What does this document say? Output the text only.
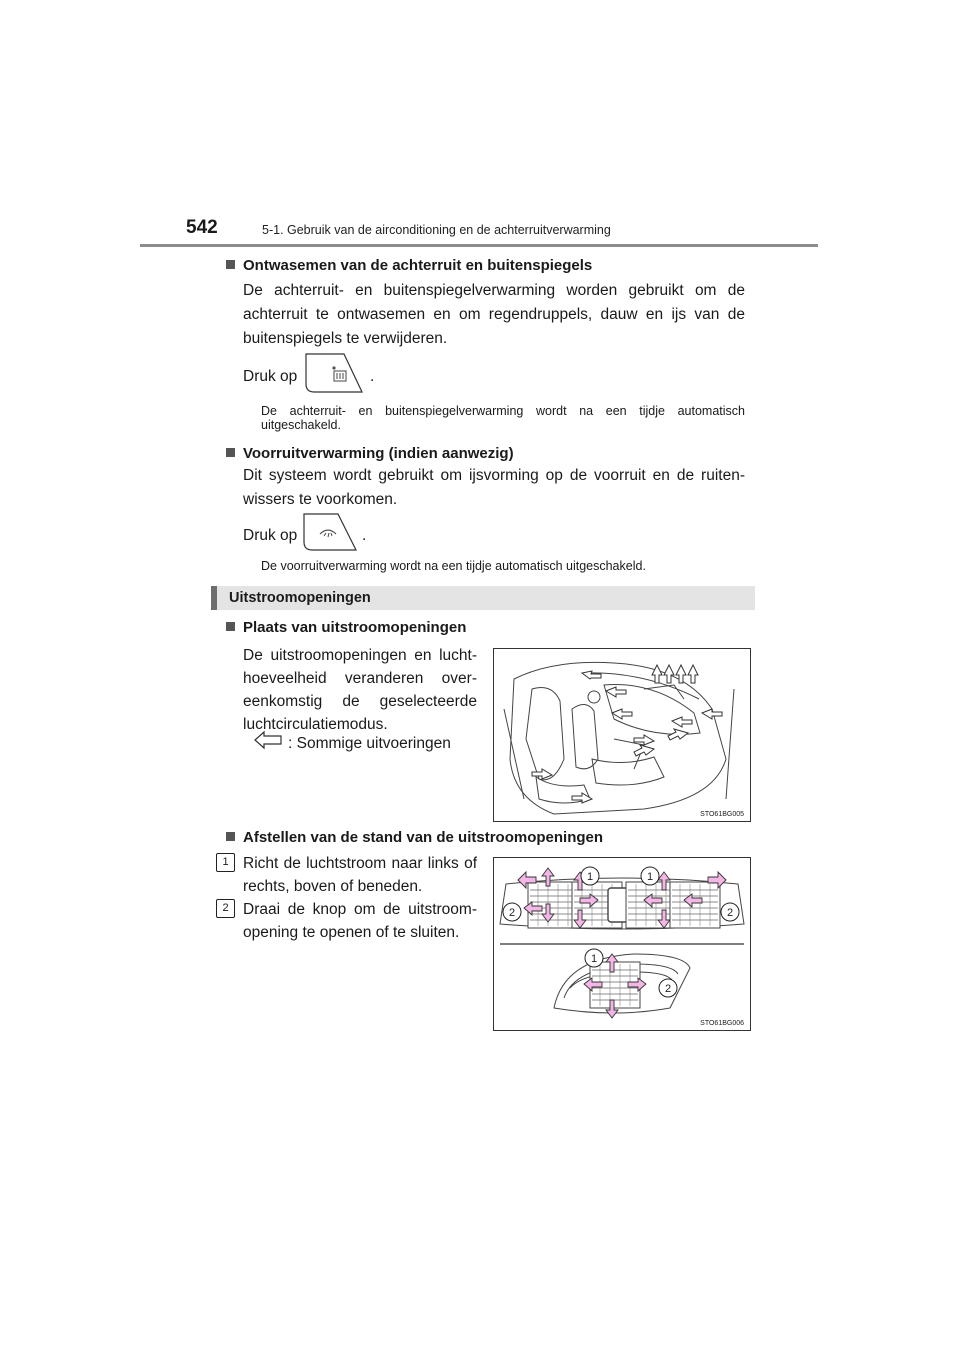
542	5-1. Gebruik van de airconditioning en de achterruitverwarming
Ontwasemen van de achterruit en buitenspiegels
De achterruit- en buitenspiegelverwarming worden gebruikt om de achterruit te ontwasemen en om regendruppels, dauw en ijs van de buitenspiegels te verwijderen.
Druk op	.
De achterruit- en buitenspiegelverwarming wordt na een tijdje automatisch uitgeschakeld.
Voorruitverwarming (indien aanwezig)
Dit systeem wordt gebruikt om ijsvorming op de voorruit en de ruiten-wissers te voorkomen.
Druk op	.
De voorruitverwarming wordt na een tijdje automatisch uitgeschakeld.
Uitstroomopeningen
Plaats van uitstroomopeningen
De uitstroomopeningen en lucht-hoeveelheid veranderen over-eenkomstig de geselecteerde luchtcirculatiemodus.
: Sommige uitvoeringen
STO61BG005
Afstellen van de stand van de uitstroomopeningen
1 Richt de luchtstroom naar links of rechts, boven of beneden.
2 Draai de knop om de uitstroom-opening te openen of te sluiten.
1	1
2	2
1
2
STO61BG006
